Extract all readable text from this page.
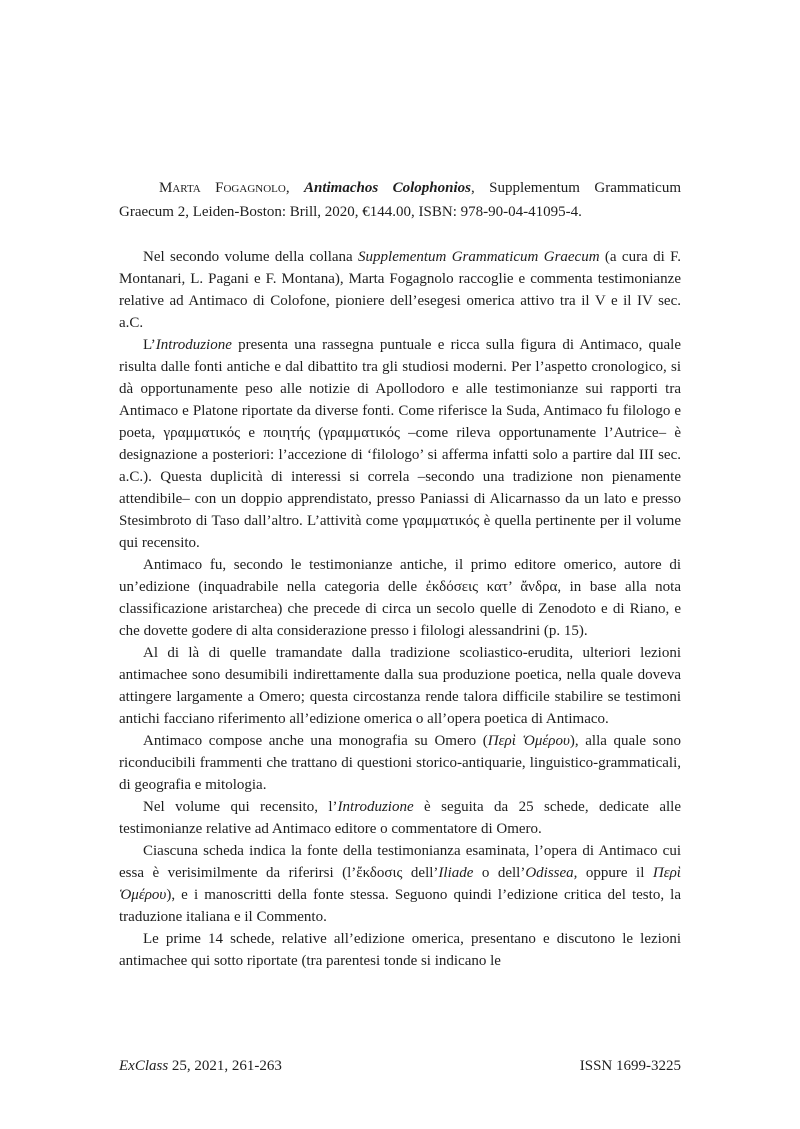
Marta Fogagnolo, Antimachos Colophonios, Supplementum Grammaticum Graecum 2, Leiden-Boston: Brill, 2020, €144.00, ISBN: 978-90-04-41095-4.

Nel secondo volume della collana Supplementum Grammaticum Graecum (a cura di F. Montanari, L. Pagani e F. Montana), Marta Fogagnolo raccoglie e commenta testimonianze relative ad Antimaco di Colofone, pioniere dell’esegesi omerica attivo tra il V e il IV sec. a.C.

L’Introduzione presenta una rassegna puntuale e ricca sulla figura di Antimaco, quale risulta dalle fonti antiche e dal dibattito tra gli studiosi moderni. Per l’aspetto cronologico, si dà opportunamente peso alle notizie di Apollodoro e alle testimonianze sui rapporti tra Antimaco e Platone riportate da diverse fonti. Come riferisce la Suda, Antimaco fu filologo e poeta, γραμματικός e ποιητής (γραμματικός –come rileva opportunamente l’Autrice– è designazione a posteriori: l’accezione di ‘filologo’ si afferma infatti solo a partire dal III sec. a.C.). Questa duplicità di interessi si correla –secondo una tradizione non pienamente attendibile– con un doppio apprendistato, presso Paniassi di Alicarnasso da un lato e presso Stesimbroto di Taso dall’altro. L’attività come γραμματικός è quella pertinente per il volume qui recensito.

Antimaco fu, secondo le testimonianze antiche, il primo editore omerico, autore di un’edizione (inquadrabile nella categoria delle ἐκδόσεις κατ’ ἄνδρα, in base alla nota classificazione aristarchea) che precede di circa un secolo quelle di Zenodoto e di Riano, e che dovette godere di alta considerazione presso i filologi alessandrini (p. 15).

Al di là di quelle tramandate dalla tradizione scoliastico-erudita, ulteriori lezioni antimachee sono desumibili indirettamente dalla sua produzione poetica, nella quale doveva attingere largamente a Omero; questa circostanza rende talora difficile stabilire se testimoni antichi facciano riferimento all’edizione omerica o all’opera poetica di Antimaco.

Antimaco compose anche una monografia su Omero (Περὶ Ὁμέρου), alla quale sono riconducibili frammenti che trattano di questioni storico-antiquarie, linguistico-grammaticali, di geografia e mitologia.

Nel volume qui recensito, l’Introduzione è seguita da 25 schede, dedicate alle testimonianze relative ad Antimaco editore o commentatore di Omero.

Ciascuna scheda indica la fonte della testimonianza esaminata, l’opera di Antimaco cui essa è verisimilmente da riferirsi (l’ἔκδοσις dell’Iliade o dell’Odissea, oppure il Περὶ Ὁμέρου), e i manoscritti della fonte stessa. Seguono quindi l’edizione critica del testo, la traduzione italiana e il Commento.

Le prime 14 schede, relative all’edizione omerica, presentano e discutono le lezioni antimachee qui sotto riportate (tra parentesi tonde si indicano le

ExClass 25, 2021, 261-263	ISSN 1699-3225
